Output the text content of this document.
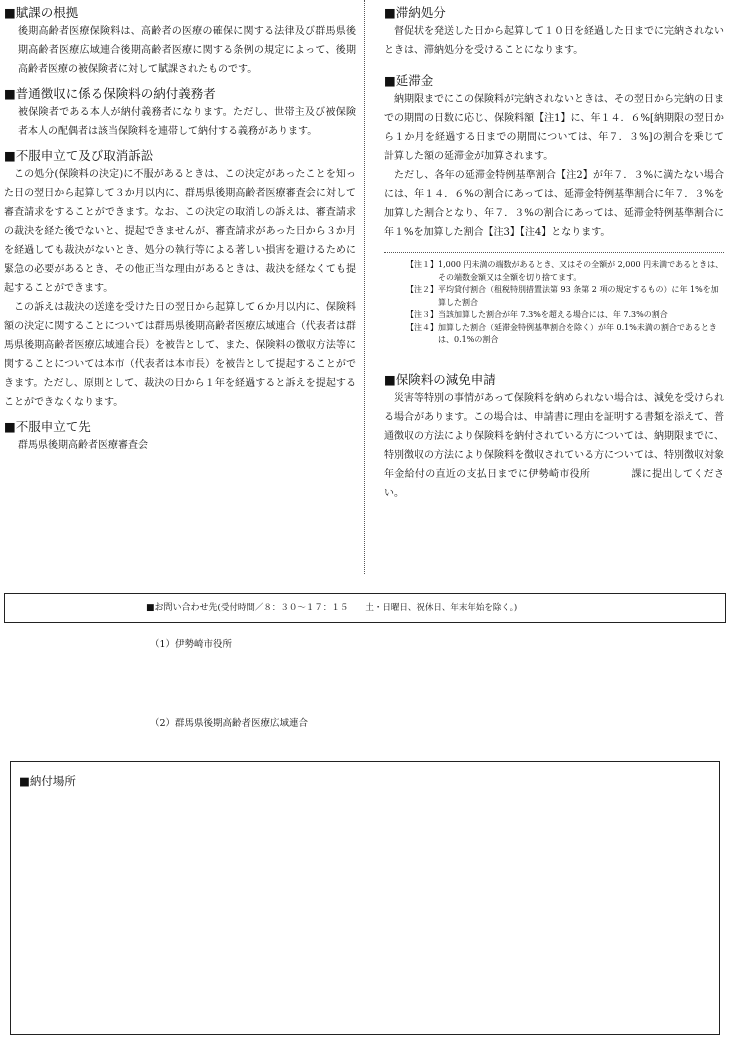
■賦課の根拠

後期高齢者医療保険料は、高齢者の医療の確保に関する法律及び群馬県後期高齢者医療広域連合後期高齢者医療に関する条例の規定によって、後期高齢者医療の被保険者に対して賦課されたものです。

■普通徴収に係る保険料の納付義務者

被保険者である本人が納付義務者になります。ただし、世帯主及び被保険者本人の配偶者は該当保険料を連帯して納付する義務があります。

■不服申立て及び取消訴訟

この処分(保険料の決定)に不服があるときは、この決定があったことを知った日の翌日から起算して３か月以内に、群馬県後期高齢者医療審査会に対して審査請求をすることができます。なお、この決定の取消しの訴えは、審査請求の裁決を経た後でないと、提起できませんが、審査請求があった日から３か月を経過しても裁決がないとき、処分の執行等による著しい損害を避けるために緊急の必要があるとき、その他正当な理由があるときは、裁決を経なくても提起することができます。

この訴えは裁決の送達を受けた日の翌日から起算して６か月以内に、保険料額の決定に関することについては群馬県後期高齢者医療広域連合（代表者は群馬県後期高齢者医療広域連合長）を被告として、また、保険料の徴収方法等に関することについては本市（代表者は本市長）を被告として提起することができます。ただし、原則として、裁決の日から１年を経過すると訴えを提起することができなくなります。

■不服申立て先

群馬県後期高齢者医療審査会

■滞納処分

督促状を発送した日から起算して１０日を経過した日までに完納されないときは、滞納処分を受けることになります。

■延滞金

納期限までにこの保険料が完納されないときは、その翌日から完納の日までの期間の日数に応じ、保険料額【注1】に、年１４．６%[納期限の翌日から１か月を経過する日までの期間については、年７．３%]の割合を乗じて計算した額の延滞金が加算されます。

ただし、各年の延滞金特例基準割合【注2】が年７．３%に満たない場合には、年１４．６%の割合にあっては、延滞金特例基準割合に年７．３%を加算した割合となり、年７．３%の割合にあっては、延滞金特例基準割合に年１%を加算した割合【注3】【注4】となります。

【注１】 1,000 円未満の端数があるとき、又はその全額が 2,000 円未満であるときは、その端数金額又は全額を切り捨てます。
【注２】 平均貸付割合（租税特別措置法第 93 条第 2 項の規定するもの）に年 1%を加算した割合
【注３】 当該加算した割合が年 7.3%を超える場合には、年 7.3%の割合
【注４】 加算した割合（延滞金特例基準割合を除く）が年 0.1%未満の割合であるときは、0.1%の割合
■保険料の減免申請

災害等特別の事情があって保険料を納められない場合は、減免を受けられる場合があります。この場合は、申請書に理由を証明する書類を添えて、普通徴収の方法により保険料を納付されている方については、納期限までに、特別徴収の方法により保険料を徴収されている方については、特別徴収対象年金給付の直近の支払日までに伊勢崎市役所　　　　課に提出してください。

■お問い合わせ先(受付時間／８：３０～１７：１５　　土・日曜日、祝休日、年末年始を除く。)
（1）伊勢崎市役所
（2）群馬県後期高齢者医療広域連合
■納付場所
